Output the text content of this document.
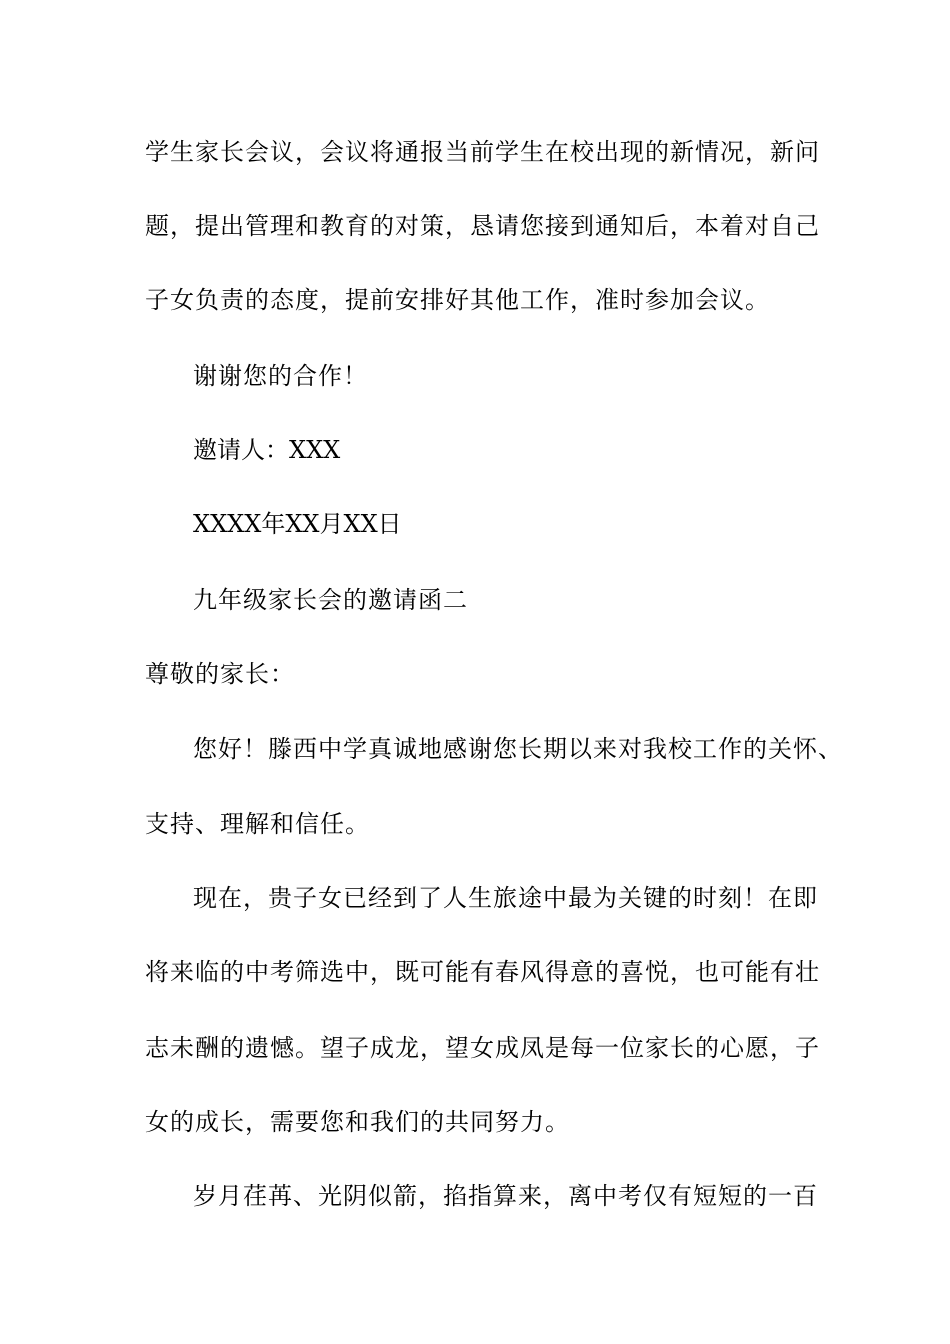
学生家长会议，会议将通报当前学生在校出现的新情况，新问
题，提出管理和教育的对策，恳请您接到通知后，本着对自己
子女负责的态度，提前安排好其他工作，准时参加会议。
谢谢您的合作！
邀请人：XXX
XXXX年XX月XX日
九年级家长会的邀请函二
尊敬的家长：
您好！滕西中学真诚地感谢您长期以来对我校工作的关怀、
支持、理解和信任。
现在，贵子女已经到了人生旅途中最为关键的时刻！在即
将来临的中考筛选中，既可能有春风得意的喜悦，也可能有壮
志未酬的遗憾。望子成龙，望女成凤是每一位家长的心愿，子
女的成长，需要您和我们的共同努力。
岁月荏苒、光阴似箭，掐指算来，离中考仅有短短的一百
